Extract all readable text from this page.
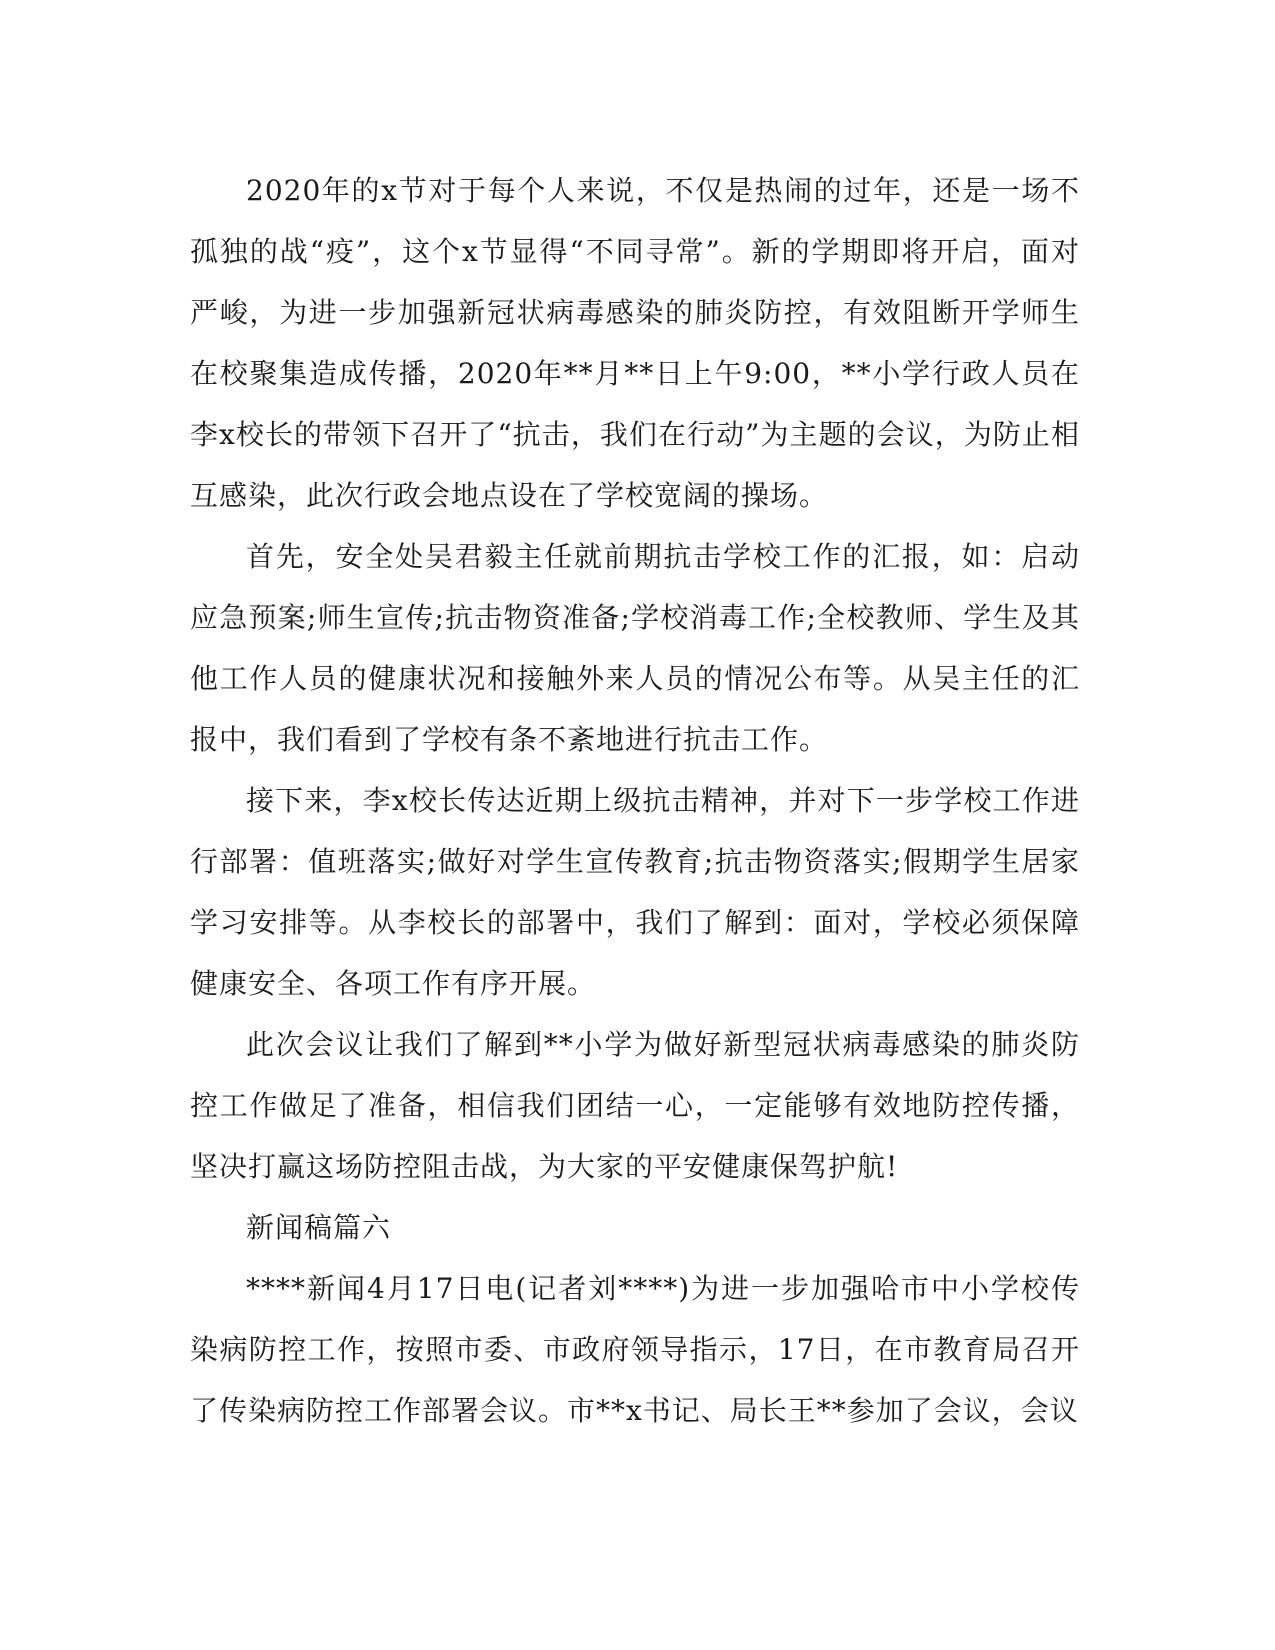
2020年的x节对于每个人来说，不仅是热闹的过年，还是一场不孤独的战“疫”，这个x节显得“不同寻常”。新的学期即将开启，面对严峻，为进一步加强新冠状病毒感染的肺炎防控，有效阻断开学师生在校聚集造成传播，2020年**月**日上午9:00，**小学行政人员在李x校长的带领下召开了“抗击，我们在行动”为主题的会议，为防止相互感染，此次行政会地点设在了学校宽阔的操场。

首先，安全处吴君毅主任就前期抗击学校工作的汇报，如：启动应急预案;师生宣传;抗击物资准备;学校消毒工作;全校教师、学生及其他工作人员的健康状况和接触外来人员的情况公布等。从吴主任的汇报中，我们看到了学校有条不紊地进行抗击工作。

接下来，李x校长传达近期上级抗击精神，并对下一步学校工作进行部署：值班落实;做好对学生宣传教育;抗击物资落实;假期学生居家学习安排等。从李校长的部署中，我们了解到：面对，学校必须保障健康安全、各项工作有序开展。

此次会议让我们了解到**小学为做好新型冠状病毒感染的肺炎防控工作做足了准备，相信我们团结一心，一定能够有效地防控传播，坚决打赢这场防控阻击战，为大家的平安健康保驾护航!

新闻稿篇六

****新闻4月17日电(记者刘****)为进一步加强哈市中小学校传染病防控工作，按照市委、市政府领导指示，17日，在市教育局召开了传染病防控工作部署会议。市**x书记、局长王**参加了会议，会议
